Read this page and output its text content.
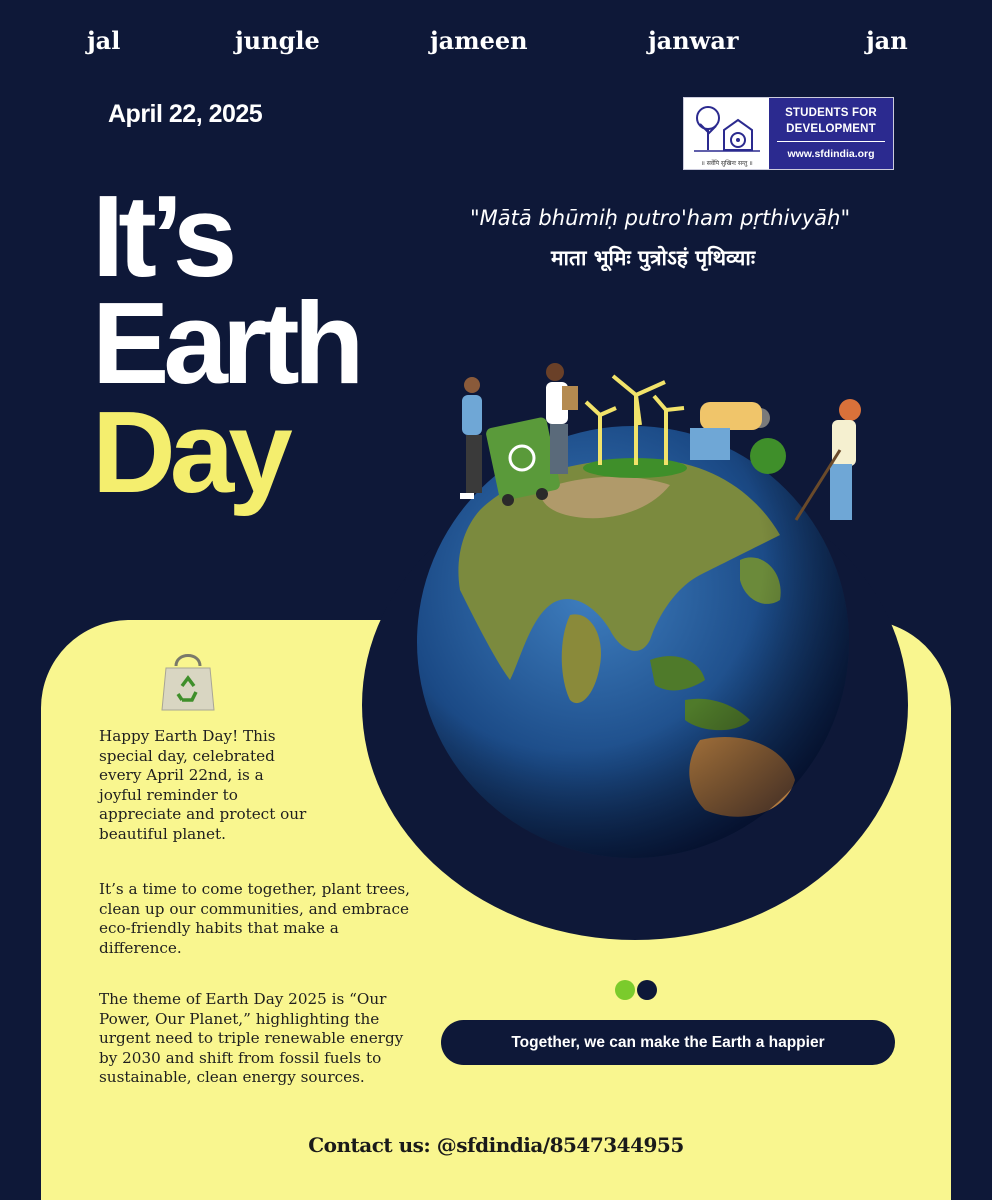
jal	jungle	jameen	janwar	jan
April 22, 2025
॥ सर्वेपि सुखिनः सन्तु ॥
STUDENTS FOR
DEVELOPMENT
www.sfdindia.org
It’s
Earth
Day
"Mātā bhūmiḥ putro'ham pṛthivyāḥ"
माता भूमिः पुत्रोऽहं पृथिव्याः

Happy Earth Day! This special day, celebrated every April 22nd, is a joyful reminder to appreciate and protect our beautiful planet.

It’s a time to come together, plant trees, clean up our communities, and embrace eco-friendly habits that make a difference.

The theme of Earth Day 2025 is “Our Power, Our Planet,” highlighting the urgent need to triple renewable energy by 2030 and shift from fossil fuels to sustainable, clean energy sources.

Together, we can make the Earth a happier
Contact us: @sfdindia/8547344955
